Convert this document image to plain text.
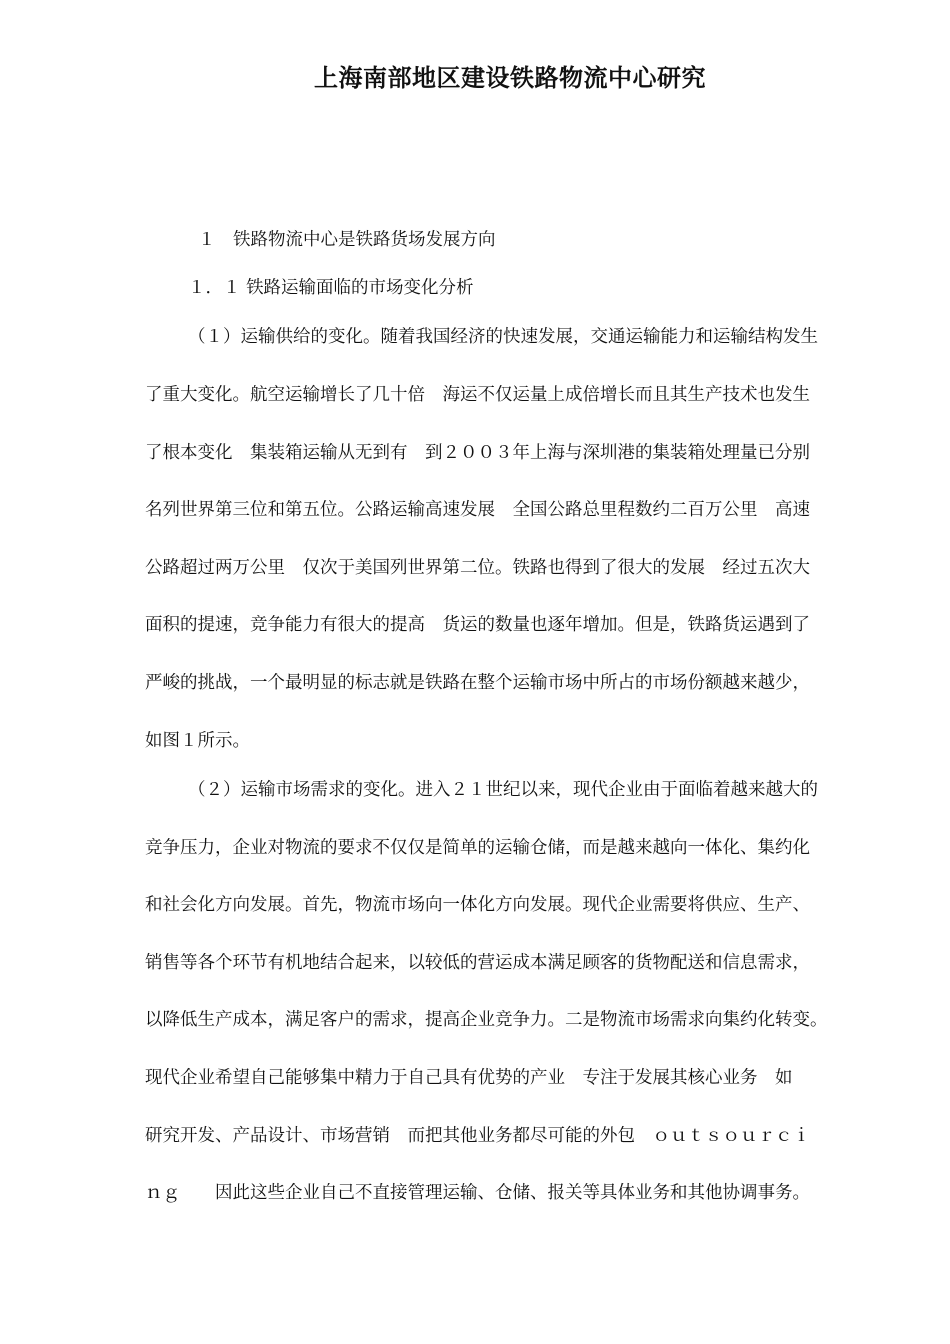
上海南部地区建设铁路物流中心研究
１　铁路物流中心是铁路货场发展方向
１．１ 铁路运输面临的市场变化分析
（１）运输供给的变化。随着我国经济的快速发展，交通运输能力和运输结构发生
了重大变化。航空运输增长了几十倍　海运不仅运量上成倍增长而且其生产技术也发生
了根本变化　集装箱运输从无到有　到２００３年上海与深圳港的集装箱处理量已分别
名列世界第三位和第五位。公路运输高速发展　全国公路总里程数约二百万公里　高速
公路超过两万公里　仅次于美国列世界第二位。铁路也得到了很大的发展　经过五次大
面积的提速，竞争能力有很大的提高　货运的数量也逐年增加。但是，铁路货运遇到了
严峻的挑战，一个最明显的标志就是铁路在整个运输市场中所占的市场份额越来越少，
如图１所示。
（２）运输市场需求的变化。进入２１世纪以来，现代企业由于面临着越来越大的
竞争压力，企业对物流的要求不仅仅是简单的运输仓储，而是越来越向一体化、集约化
和社会化方向发展。首先，物流市场向一体化方向发展。现代企业需要将供应、生产、
销售等各个环节有机地结合起来，以较低的营运成本满足顾客的货物配送和信息需求，
以降低生产成本，满足客户的需求，提高企业竞争力。二是物流市场需求向集约化转变。
现代企业希望自己能够集中精力于自己具有优势的产业　专注于发展其核心业务　如
研究开发、产品设计、市场营销　而把其他业务都尽可能的外包　ｏｕｔｓｏｕｒｃｉ
ｎｇ　　因此这些企业自己不直接管理运输、仓储、报关等具体业务和其他协调事务。
